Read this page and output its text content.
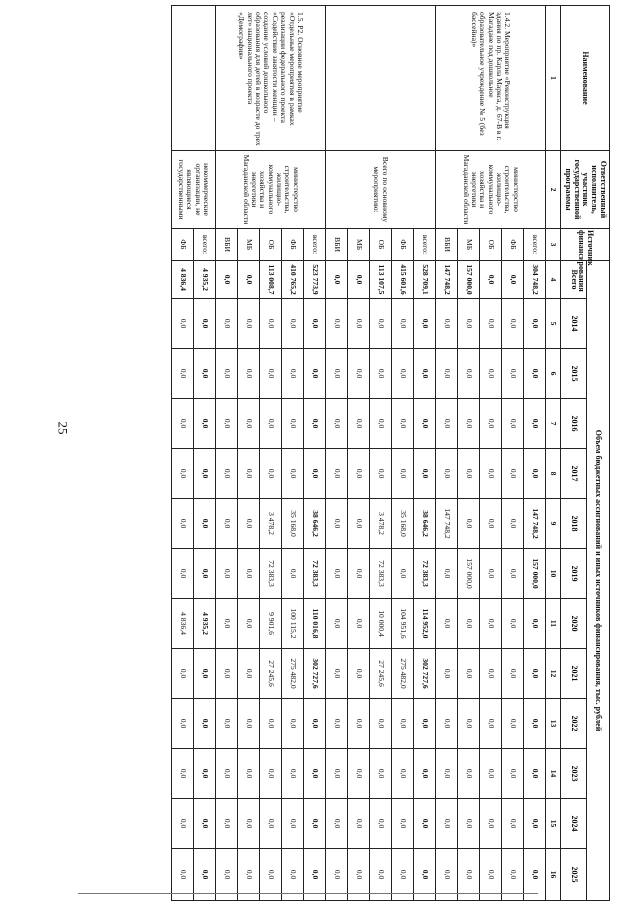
25
Наименование	Ответственный исполнитель, участник государственной программы	Источник финансирования	Объем бюджетных ассигнований и иных источников финансирования, тыс. рублей												
			Всего	2014	2015	2016	2017	2018	2019	2020	2021	2022	2023	2024	2025
1	2	3	4	5	6	7	8	9	10	11	12	13	14	15	16
1.4.2. Мероприятие «Реконструкция здания по пр. Карла Маркса, д. 67-В в г. Магадане под дошкольное образовательное учреждение № 5 (без бассейна)»	министерство строительства, жилищно-коммунального хозяйства и энергетики Магаданской области	всего:	304 748,2	0,0	0,0	0,0	0,0	147 748,2	157 000,0	0,0	0,0	0,0	0,0	0,0	0,0
		ФБ	0,0	0,0	0,0	0,0	0,0	0,0	0,0	0,0	0,0	0,0	0,0	0,0	0,0
		ОБ	0,0	0,0	0,0	0,0	0,0	0,0	0,0	0,0	0,0	0,0	0,0	0,0	0,0
		МБ	157 000,0	0,0	0,0	0,0	0,0	0,0	157 000,0	0,0	0,0	0,0	0,0	0,0	0,0
		ВБИ	147 748,2	0,0	0,0	0,0	0,0	147 748,2	0,0	0,0	0,0	0,0	0,0	0,0	0,0
	Всего по основному мероприятию:	всего:	528 709,1	0,0	0,0	0,0	0,0	38 646,2	72 383,3	114 952,0	302 727,6	0,0	0,0	0,0	0,0
		ФБ	415 601,6	0,0	0,0	0,0	0,0	35 168,0	0,0	104 951,6	275 482,0	0,0	0,0	0,0	0,0
		ОБ	113 107,5	0,0	0,0	0,0	0,0	3 478,2	72 383,3	10 000,4	27 245,6	0,0	0,0	0,0	0,0
		МБ	0,0	0,0	0,0	0,0	0,0	0,0	0,0	0,0	0,0	0,0	0,0	0,0	0,0
		ВБИ	0,0	0,0	0,0	0,0	0,0	0,0	0,0	0,0	0,0	0,0	0,0	0,0	0,0
1.5. P2. Основное мероприятие «Отдельные мероприятия в рамках реализации федерального проекта «Содействие занятости женщин – создание условий дошкольного образования для детей в возрасте до трех лет» национального проекта «Демография»	министерство строительства, жилищно-коммунального хозяйства и энергетики Магаданской области	всего:	523 773,9	0,0	0,0	0,0	0,0	38 646,2	72 383,3	110 016,8	302 727,6	0,0	0,0	0,0	0,0
		ФБ	410 765,2	0,0	0,0	0,0	0,0	35 168,0	0,0	100 115,2	275 482,0	0,0	0,0	0,0	0,0
		ОБ	113 008,7	0,0	0,0	0,0	0,0	3 478,2	72 383,3	9 901,6	27 245,6	0,0	0,0	0,0	0,0
		МБ	0,0	0,0	0,0	0,0	0,0	0,0	0,0	0,0	0,0	0,0	0,0	0,0	0,0
		ВБИ	0,0	0,0	0,0	0,0	0,0	0,0	0,0	0,0	0,0	0,0	0,0	0,0	0,0
	некоммерческие организации, не являющиеся государственными	всего:	4 935,2	0,0	0,0	0,0	0,0	0,0	0,0	4 935,2	0,0	0,0	0,0	0,0	0,0
		ФБ	4 836,4	0,0	0,0	0,0	0,0	0,0	0,0	4 836,4	0,0	0,0	0,0	0,0	0,0
